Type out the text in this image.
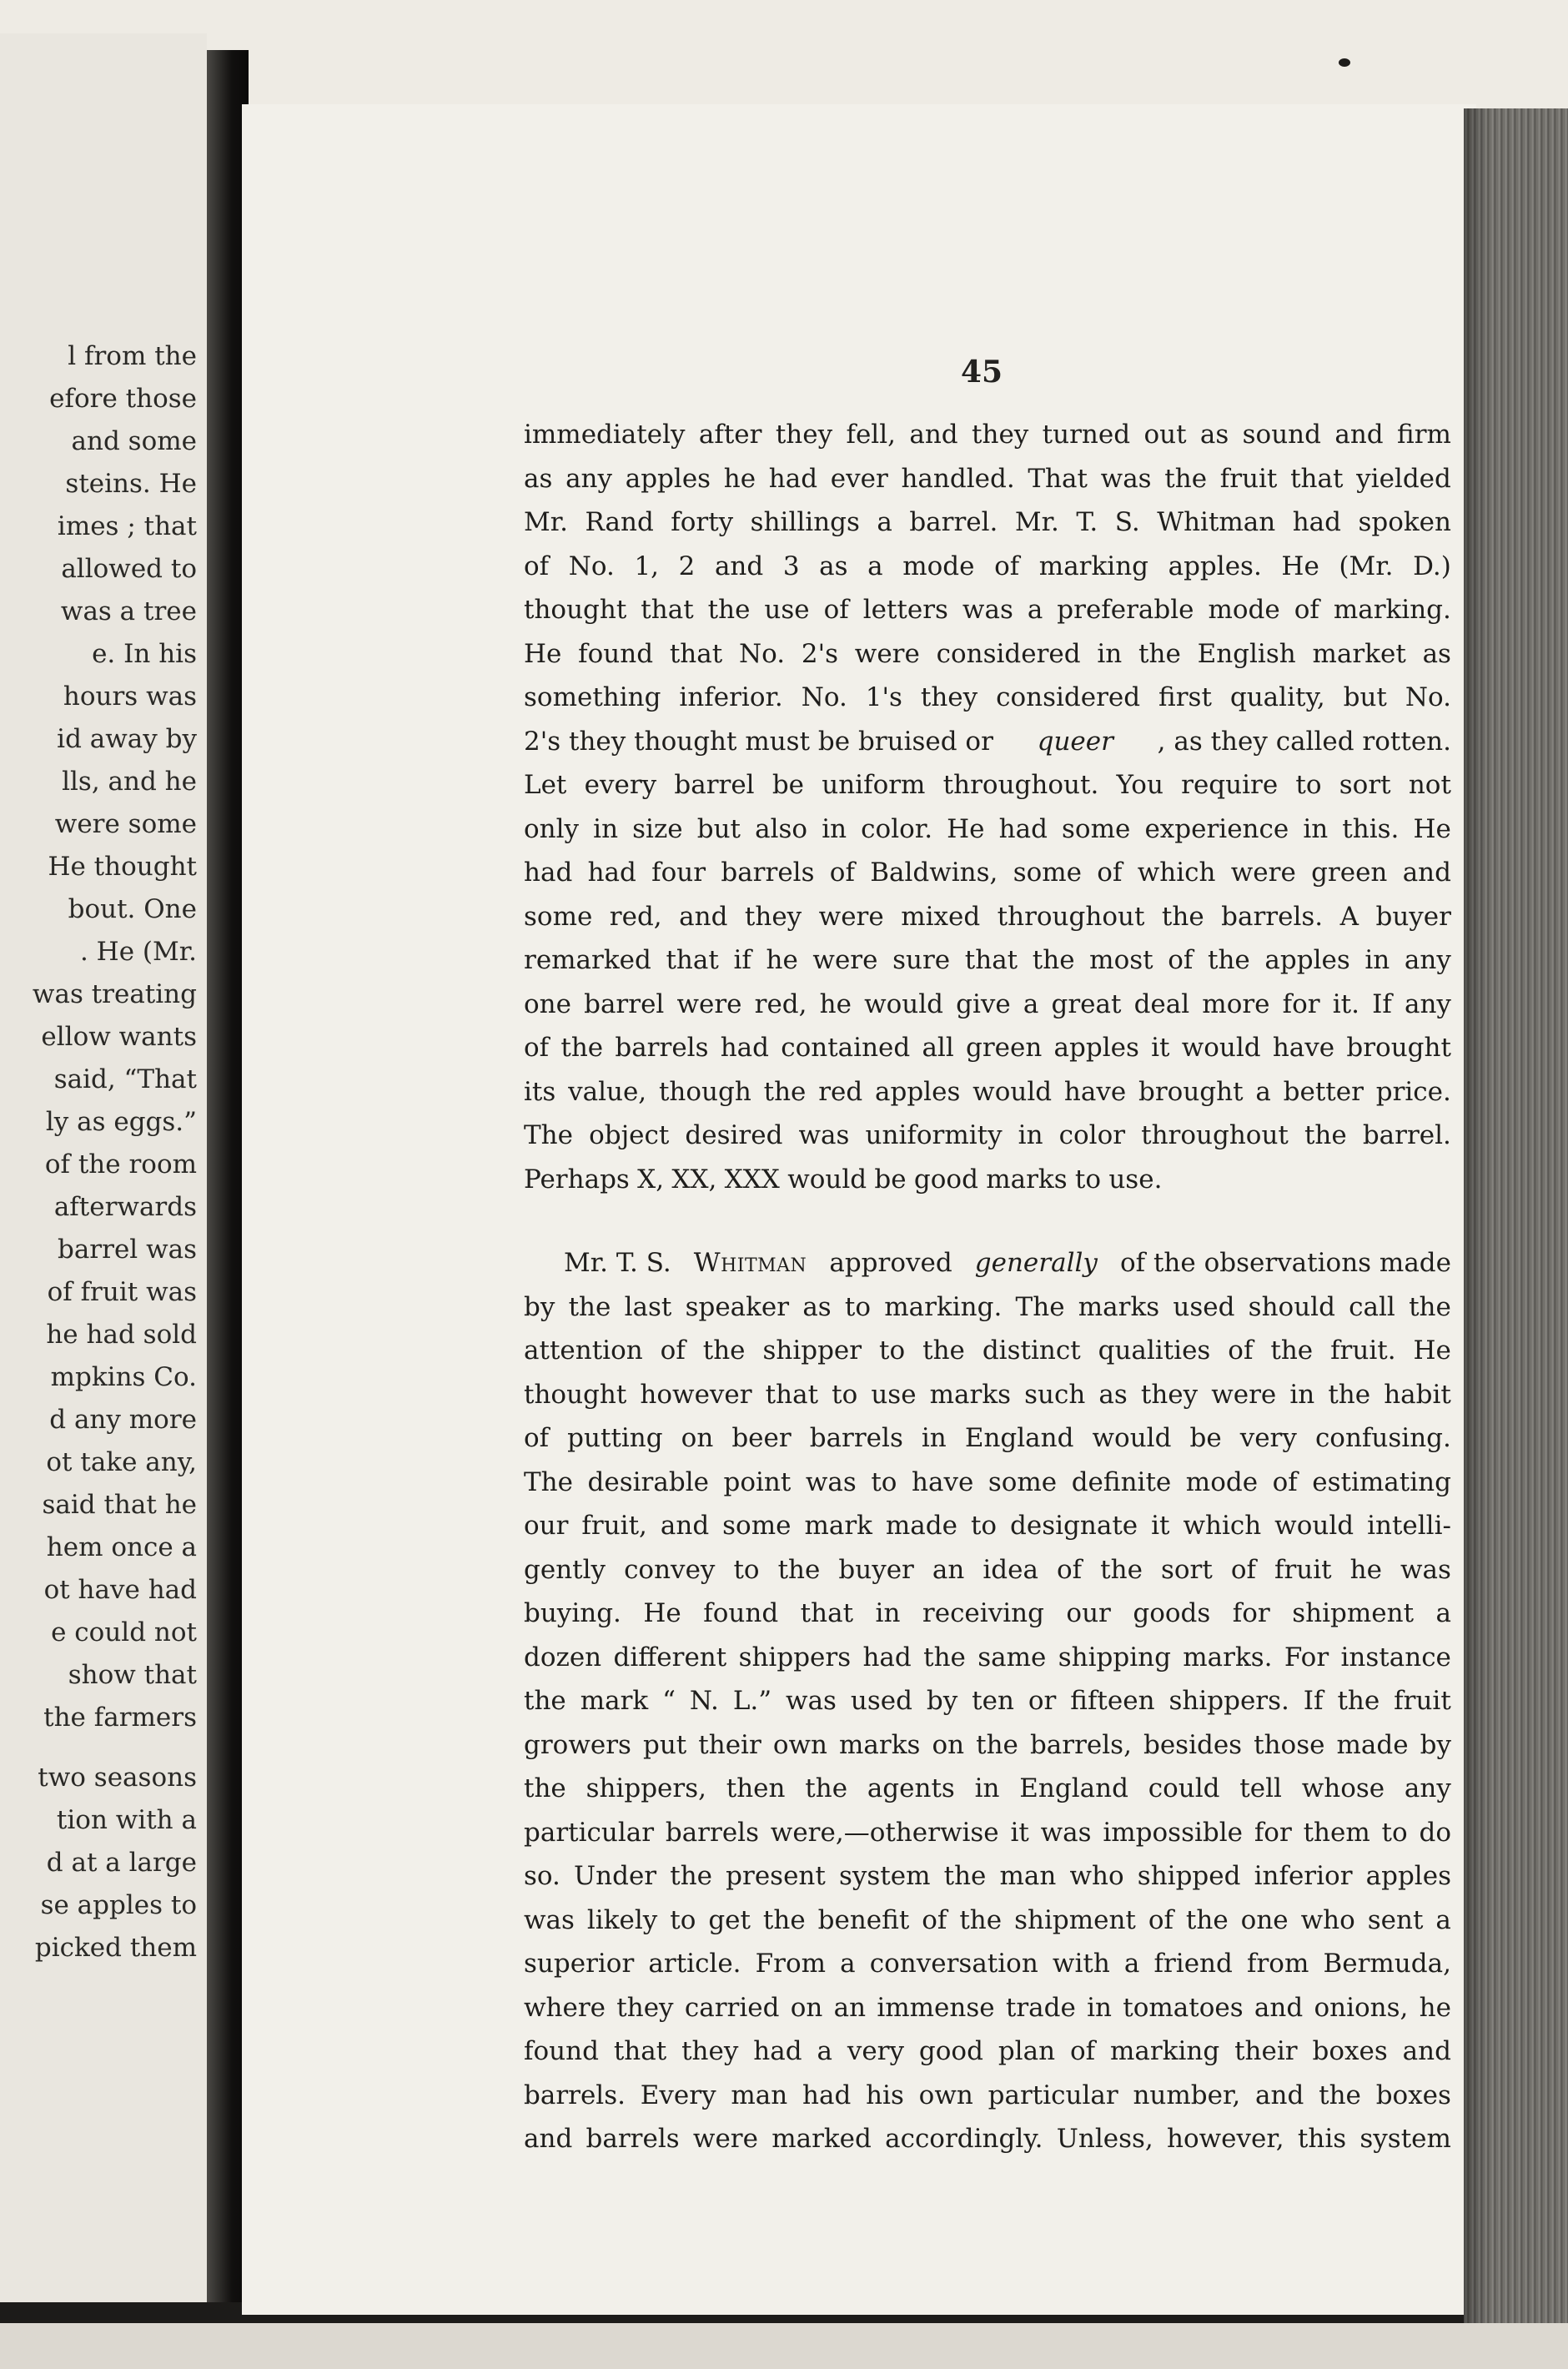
l from the
efore those
and some
steins. He
imes ; that
allowed to
was a tree
e. In his
hours was
id away by
lls, and he
were some
He thought
bout. One
. He (Mr.
was treating
ellow wants
said, “That
ly as eggs.”
of the room
afterwards
barrel was
of fruit was
he had sold
mpkins Co.
d any more
ot take any,
said that he
hem once a
ot have had
e could not
show that
the farmers
two seasons
tion with a
d at a large
se apples to
picked them
45
immediately after they fell, and they turned out as sound and firm
as any apples he had ever handled. That was the fruit that yielded
Mr. Rand forty shillings a barrel. Mr. T. S. Whitman had spoken
of No. 1, 2 and 3 as a mode of marking apples. He (Mr. D.)
thought that the use of letters was a preferable mode of marking.
He found that No. 2's were considered in the English market as
something inferior. No. 1's they considered first quality, but No.
2's they thought must be bruised or queer , as they called rotten.
Let every barrel be uniform throughout. You require to sort not
only in size but also in color. He had some experience in this. He
had had four barrels of Baldwins, some of which were green and
some red, and they were mixed throughout the barrels. A buyer
remarked that if he were sure that the most of the apples in any
one barrel were red, he would give a great deal more for it. If any
of the barrels had contained all green apples it would have brought
its value, though the red apples would have brought a better price.
The object desired was uniformity in color throughout the barrel.
Perhaps X, XX, XXX would be good marks to use.
Mr. T. S. Whitman approved generally of the observations made
by the last speaker as to marking. The marks used should call the
attention of the shipper to the distinct qualities of the fruit. He
thought however that to use marks such as they were in the habit
of putting on beer barrels in England would be very confusing.
The desirable point was to have some definite mode of estimating
our fruit, and some mark made to designate it which would intelli-
gently convey to the buyer an idea of the sort of fruit he was
buying. He found that in receiving our goods for shipment a
dozen different shippers had the same shipping marks. For instance
the mark “ N. L.” was used by ten or fifteen shippers. If the fruit
growers put their own marks on the barrels, besides those made by
the shippers, then the agents in England could tell whose any
particular barrels were,—otherwise it was impossible for them to do
so. Under the present system the man who shipped inferior apples
was likely to get the benefit of the shipment of the one who sent a
superior article. From a conversation with a friend from Bermuda,
where they carried on an immense trade in tomatoes and onions, he
found that they had a very good plan of marking their boxes and
barrels. Every man had his own particular number, and the boxes
and barrels were marked accordingly. Unless, however, this system
